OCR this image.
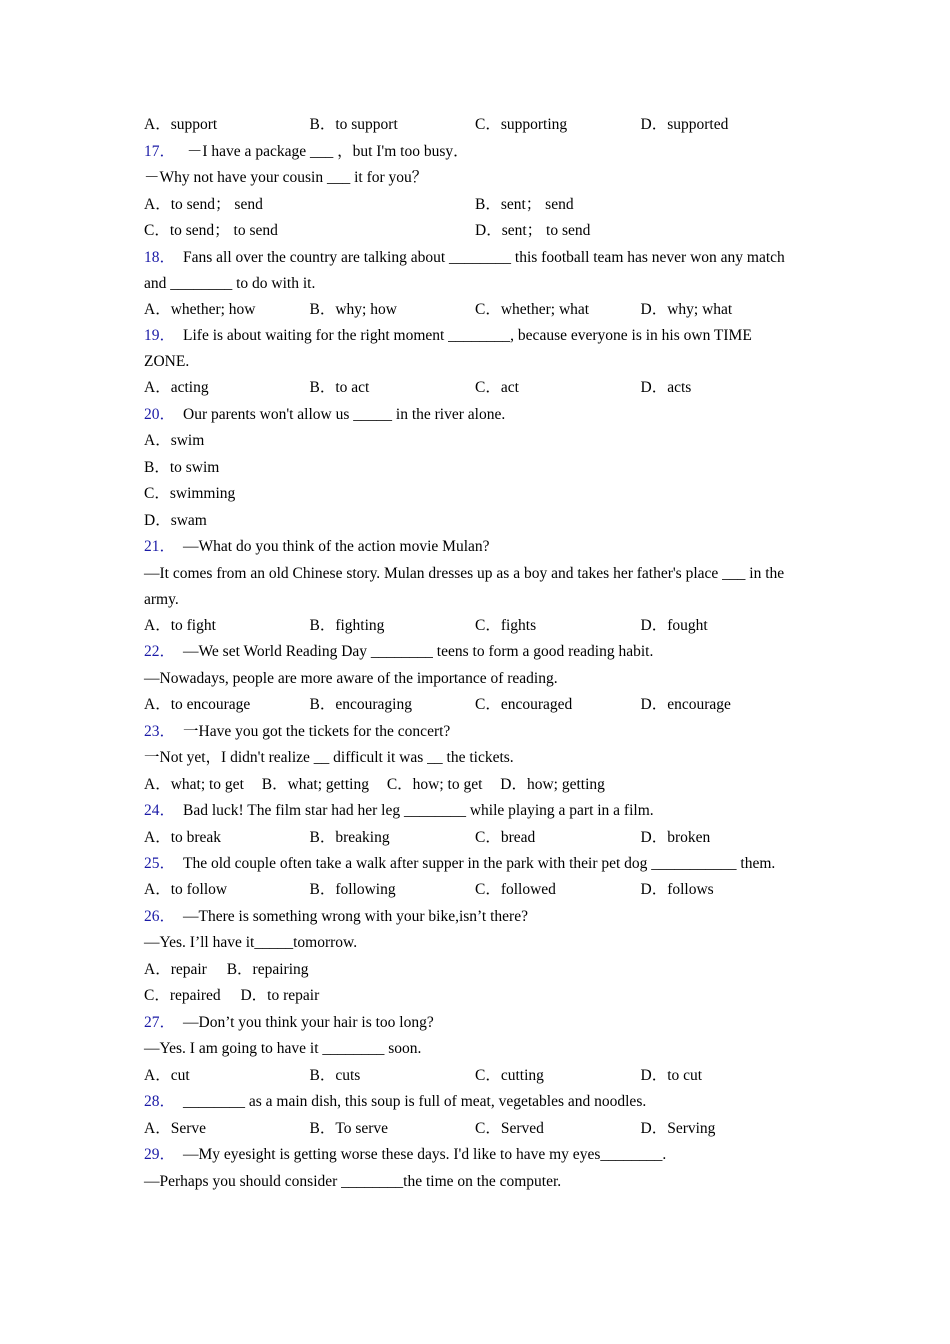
A．support	B．to support	C．supporting	D．supported
17． －I have a package ___ ，but I'm too busy．
－Why not have your cousin ___ it for you？
A．to send； send	B．sent； send
C．to send； to send	D．sent； to send
18． Fans all over the country are talking about ________ this football team has never won any match and ________ to do with it.
A．whether; how	B．why; how	C．whether; what	D．why; what
19． Life is about waiting for the right moment ________, because everyone is in his own TIME ZONE.
A．acting	B．to act	C．act	D．acts
20． Our parents won't allow us _____ in the river alone.
A．swim
B．to swim
C．swimming
D．swam
21． —What do you think of the action movie Mulan?
—It comes from an old Chinese story. Mulan dresses up as a boy and takes her father's place ___ in the army.
A．to fight	B．fighting	C．fights	D．fought
22． —We set World Reading Day ________ teens to form a good reading habit.
—Nowadays, people are more aware of the importance of reading.
A．to encourage	B．encouraging	C．encouraged	D．encourage
23． 一Have you got the tickets for the concert?
一Not yet，I didn't realize __ difficult it was __ the tickets.
A．what; to get B．what; getting C．how; to get D．how; getting
24． Bad luck! The film star had her leg ________ while playing a part in a film.
A．to break	B．breaking	C．bread	D．broken
25． The old couple often take a walk after supper in the park with their pet dog ___________ them.
A．to follow	B．following	C．followed	D．follows
26． —There is something wrong with your bike,isn’t there?
—Yes. I’ll have it_____tomorrow.
A．repair B．repairing
C．repaired D．to repair
27． —Don’t you think your hair is too long?
—Yes. I am going to have it ________ soon.
A．cut	B．cuts	C．cutting	D．to cut
28． ________ as a main dish, this soup is full of meat, vegetables and noodles.
A．Serve	B．To serve	C．Served	D．Serving
29． —My eyesight is getting worse these days. I'd like to have my eyes________.
—Perhaps you should consider ________the time on the computer.
